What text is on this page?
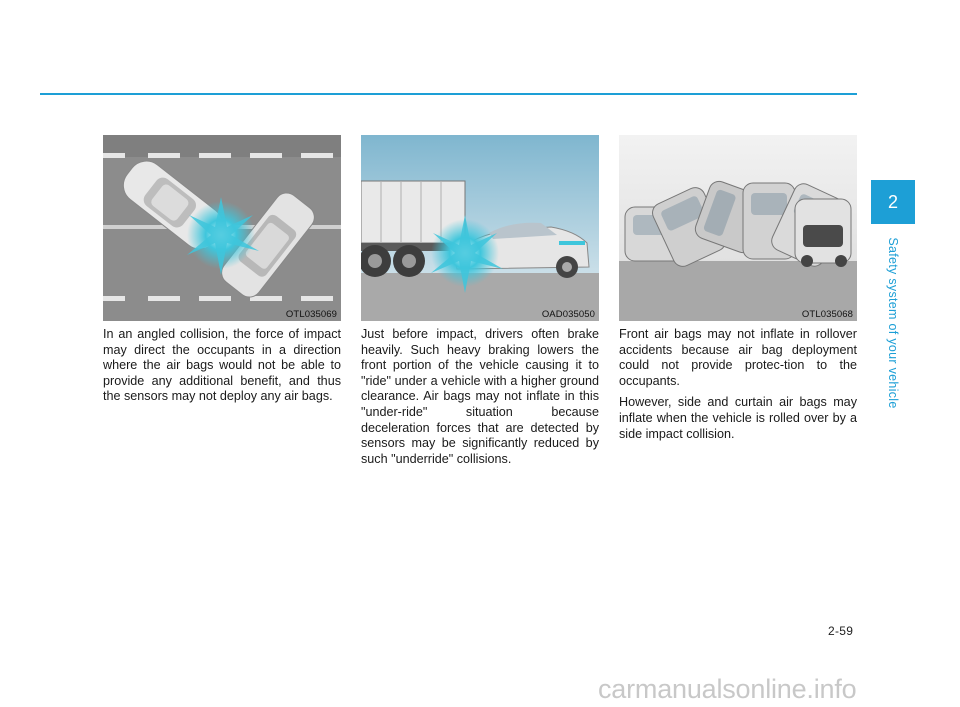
OTL035069

In an angled collision, the force of impact may direct the occupants in a direction where the air bags would not be able to provide any additional benefit, and thus the sensors may not deploy any air bags.

OAD035050

Just before impact, drivers often brake heavily. Such heavy braking lowers the front portion of the vehicle causing it to "ride" under a vehicle with a higher ground clearance. Air bags may not inflate in this "under-ride" situation because deceleration forces that are detected by sensors may be significantly reduced by such "underride" collisions.

OTL035068

Front air bags may not inflate in rollover accidents because air bag deployment could not provide protec-tion to the occupants.

However, side and curtain air bags may inflate when the vehicle is rolled over by a side impact collision.

2
Safety system of your vehicle
2-59
carmanualsonline.info
